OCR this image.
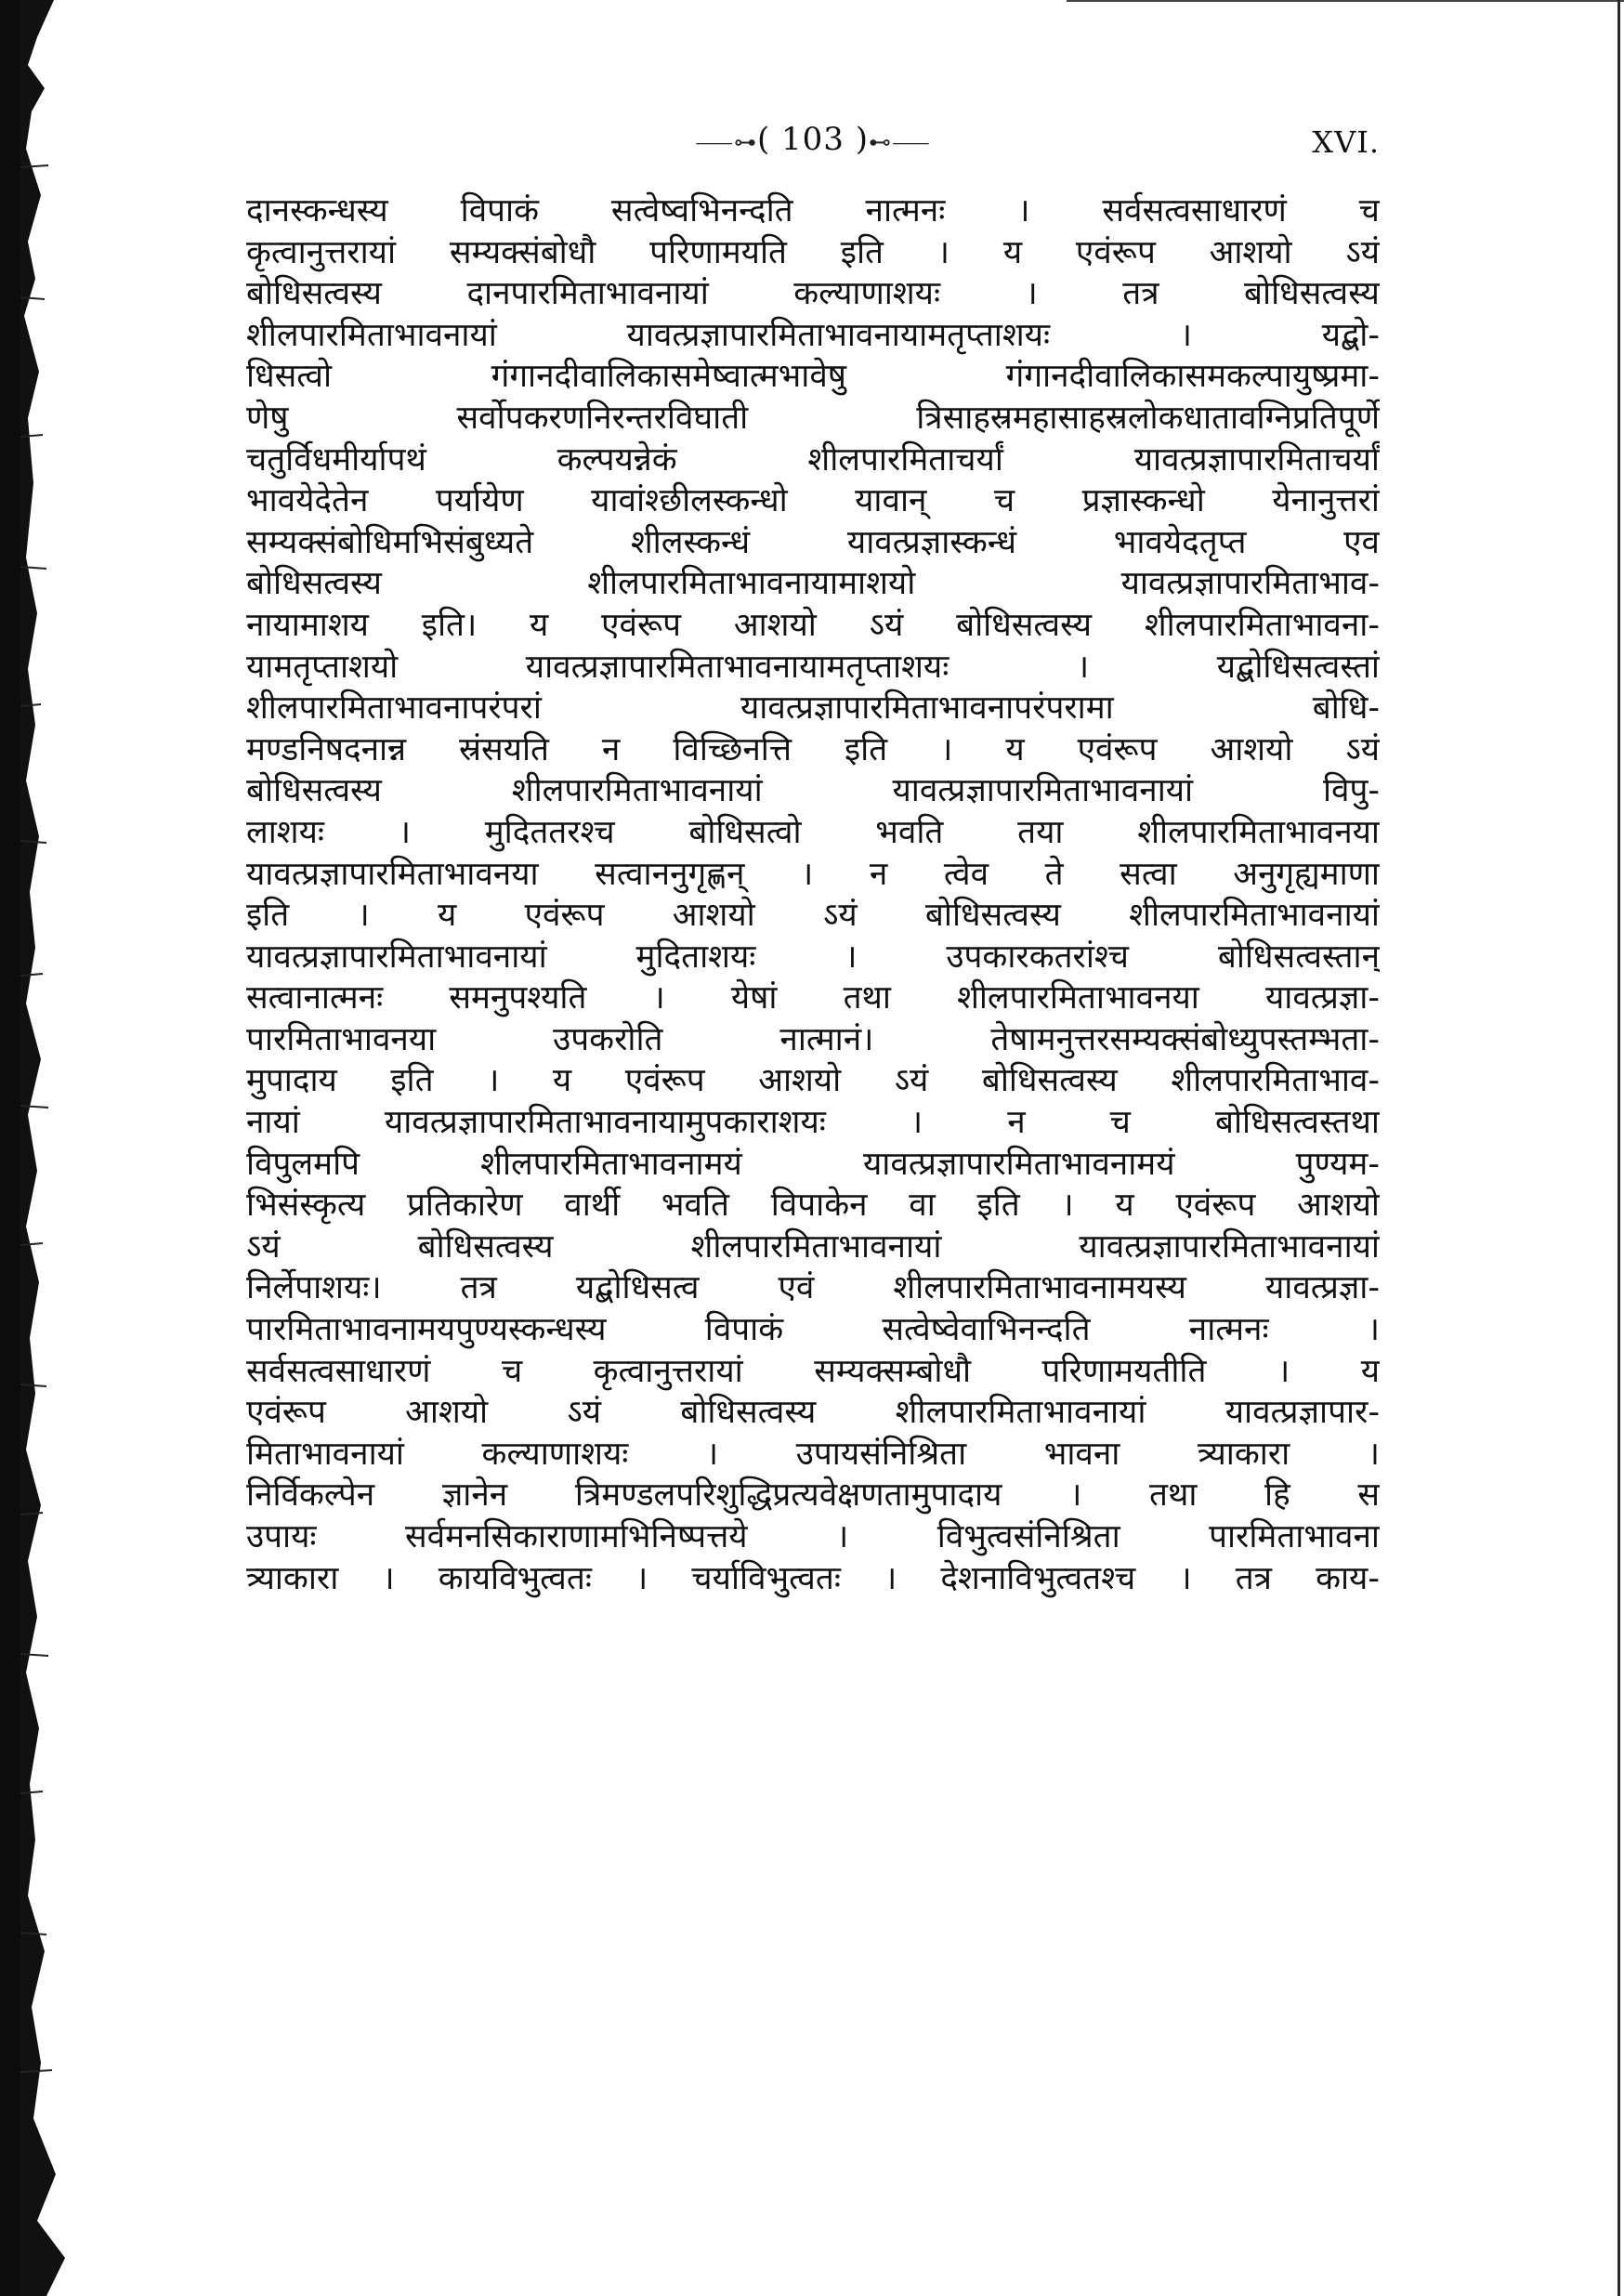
⸺⊶( 103 )⊷⸺	XVI.
दानस्कन्धस्य विपाकं सत्वेष्वभिनन्दति नात्मनः । सर्वसत्वसाधारणं च
कृत्वानुत्तरायां सम्यक्संबोधौ परिणामयति इति । य एवंरूप आशयो ऽयं
बोधिसत्वस्य दानपारमिताभावनायां कल्याणाशयः । तत्र बोधिसत्वस्य
शीलपारमिताभावनायां यावत्प्रज्ञापारमिताभावनायामतृप्ताशयः । यद्बो-
धिसत्वो गंगानदीवालिकासमेष्वात्मभावेषु गंगानदीवालिकासमकल्पायुष्प्रमा-
णेषु सर्वोपकरणनिरन्तरविघाती त्रिसाहस्रमहासाहस्रलोकधातावग्निप्रतिपूर्णे
चतुर्विधमीर्यापथं कल्पयन्नेकं शीलपारमिताचर्यां यावत्प्रज्ञापारमिताचर्यां
भावयेदेतेन पर्यायेण यावांश्छीलस्कन्धो यावान् च प्रज्ञास्कन्धो येनानुत्तरां
सम्यक्संबोधिमभिसंबुध्यते शीलस्कन्धं यावत्प्रज्ञास्कन्धं भावयेदतृप्त एव
बोधिसत्वस्य शीलपारमिताभावनायामाशयो यावत्प्रज्ञापारमिताभाव-
नायामाशय इति। य एवंरूप आशयो ऽयं बोधिसत्वस्य शीलपारमिताभावना-
यामतृप्ताशयो यावत्प्रज्ञापारमिताभावनायामतृप्ताशयः । यद्बोधिसत्वस्तां
शीलपारमिताभावनापरंपरां यावत्प्रज्ञापारमिताभावनापरंपरामा बोधि-
मण्डनिषदनान्न स्रंसयति न विच्छिनत्ति इति । य एवंरूप आशयो ऽयं
बोधिसत्वस्य शीलपारमिताभावनायां यावत्प्रज्ञापारमिताभावनायां विपु-
लाशयः । मुदिततरश्च बोधिसत्वो भवति तया शीलपारमिताभावनया
यावत्प्रज्ञापारमिताभावनया सत्वाननुगृह्णन् । न त्वेव ते सत्वा अनुगृह्यमाणा
इति । य एवंरूप आशयो ऽयं बोधिसत्वस्य शीलपारमिताभावनायां
यावत्प्रज्ञापारमिताभावनायां मुदिताशयः । उपकारकतरांश्च बोधिसत्वस्तान्
सत्वानात्मनः समनुपश्यति । येषां तथा शीलपारमिताभावनया यावत्प्रज्ञा-
पारमिताभावनया उपकरोति नात्मानं। तेषामनुत्तरसम्यक्संबोध्युपस्तम्भता-
मुपादाय इति । य एवंरूप आशयो ऽयं बोधिसत्वस्य शीलपारमिताभाव-
नायां यावत्प्रज्ञापारमिताभावनायामुपकाराशयः । न च बोधिसत्वस्तथा
विपुलमपि शीलपारमिताभावनामयं यावत्प्रज्ञापारमिताभावनामयं पुण्यम-
भिसंस्कृत्य प्रतिकारेण वार्थी भवति विपाकेन वा इति । य एवंरूप आशयो
ऽयं बोधिसत्वस्य शीलपारमिताभावनायां यावत्प्रज्ञापारमिताभावनायां
निर्लेपाशयः। तत्र यद्बोधिसत्व एवं शीलपारमिताभावनामयस्य यावत्प्रज्ञा-
पारमिताभावनामयपुण्यस्कन्धस्य विपाकं सत्वेष्वेवाभिनन्दति नात्मनः ।
सर्वसत्वसाधारणं च कृत्वानुत्तरायां सम्यक्सम्बोधौ परिणामयतीति । य
एवंरूप आशयो ऽयं बोधिसत्वस्य शीलपारमिताभावनायां यावत्प्रज्ञापार-
मिताभावनायां कल्याणाशयः । उपायसंनिश्रिता भावना त्र्याकारा ।
निर्विकल्पेन ज्ञानेन त्रिमण्डलपरिशुद्धिप्रत्यवेक्षणतामुपादाय । तथा हि स
उपायः सर्वमनसिकाराणामभिनिष्पत्तये । विभुत्वसंनिश्रिता पारमिताभावना
त्र्याकारा । कायविभुत्वतः । चर्याविभुत्वतः । देशनाविभुत्वतश्च । तत्र काय-
